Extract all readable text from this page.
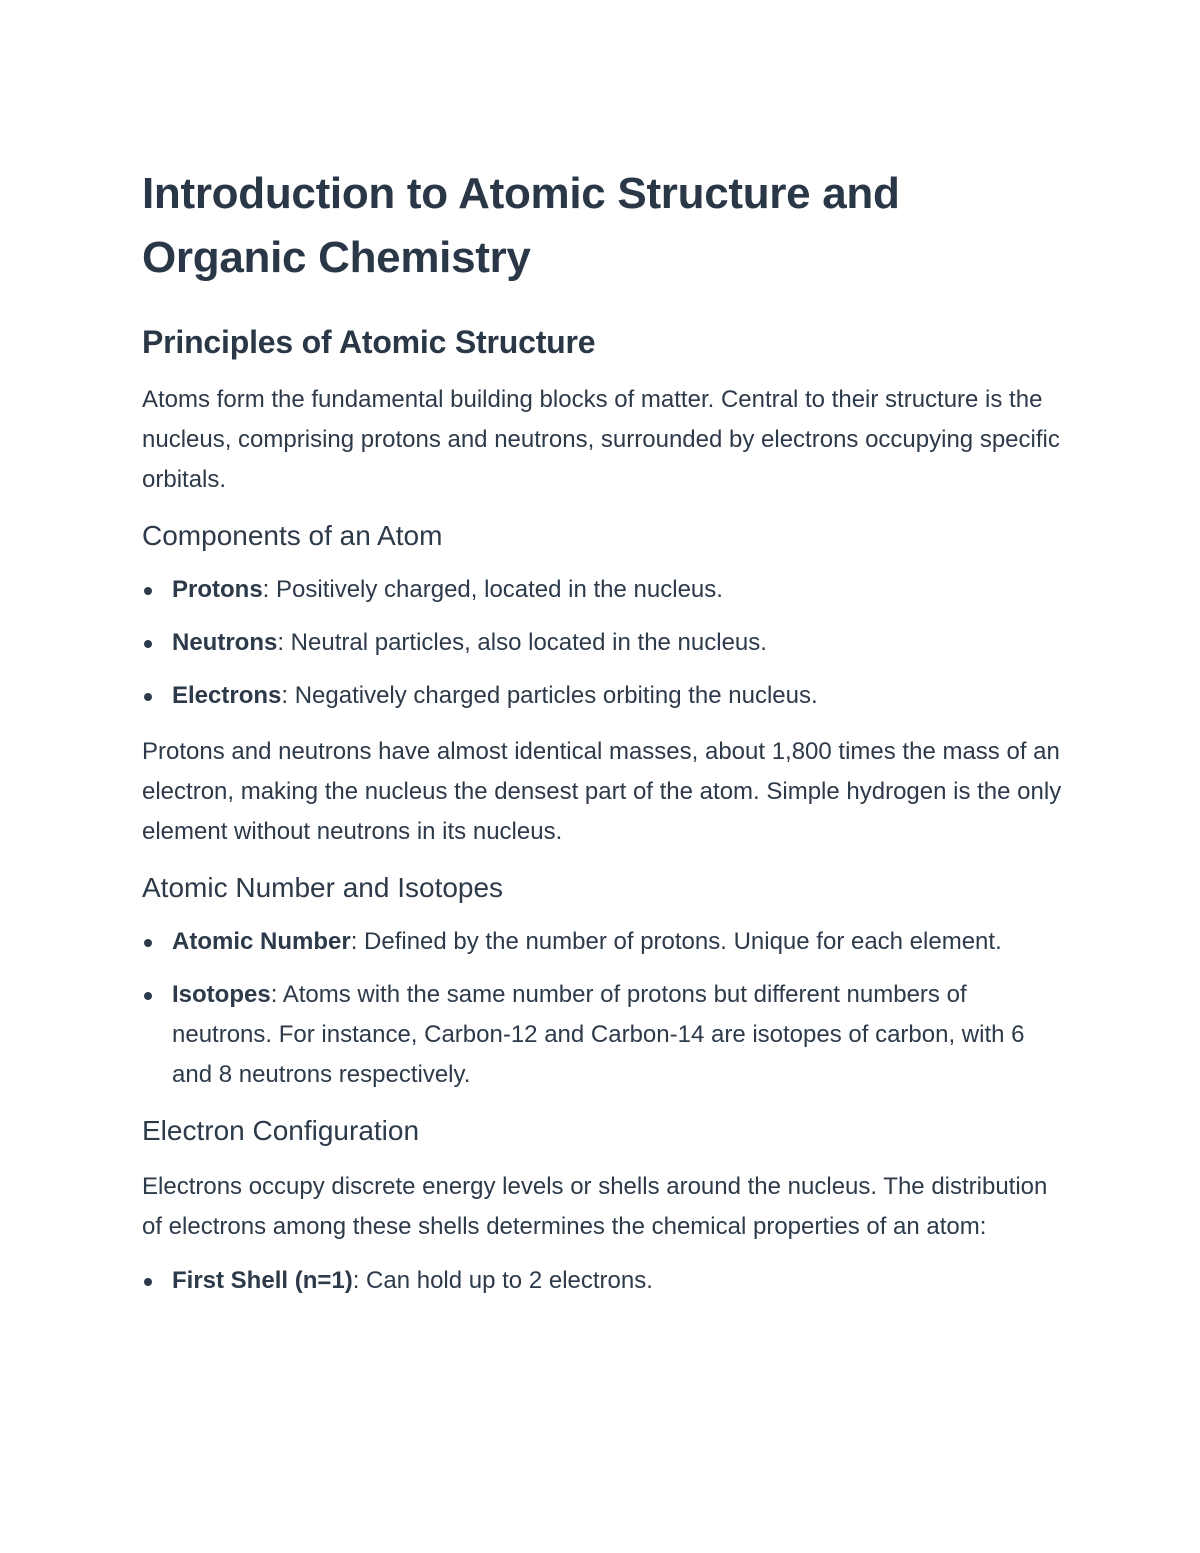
Introduction to Atomic Structure and Organic Chemistry
Principles of Atomic Structure

Atoms form the fundamental building blocks of matter. Central to their structure is the nucleus, comprising protons and neutrons, surrounded by electrons occupying specific orbitals.

Components of an Atom
Protons: Positively charged, located in the nucleus.
Neutrons: Neutral particles, also located in the nucleus.
Electrons: Negatively charged particles orbiting the nucleus.

Protons and neutrons have almost identical masses, about 1,800 times the mass of an electron, making the nucleus the densest part of the atom. Simple hydrogen is the only element without neutrons in its nucleus.

Atomic Number and Isotopes
Atomic Number: Defined by the number of protons. Unique for each element.
Isotopes: Atoms with the same number of protons but different numbers of neutrons. For instance, Carbon-12 and Carbon-14 are isotopes of carbon, with 6 and 8 neutrons respectively.
Electron Configuration

Electrons occupy discrete energy levels or shells around the nucleus. The distribution of electrons among these shells determines the chemical properties of an atom:

First Shell (n=1): Can hold up to 2 electrons.
